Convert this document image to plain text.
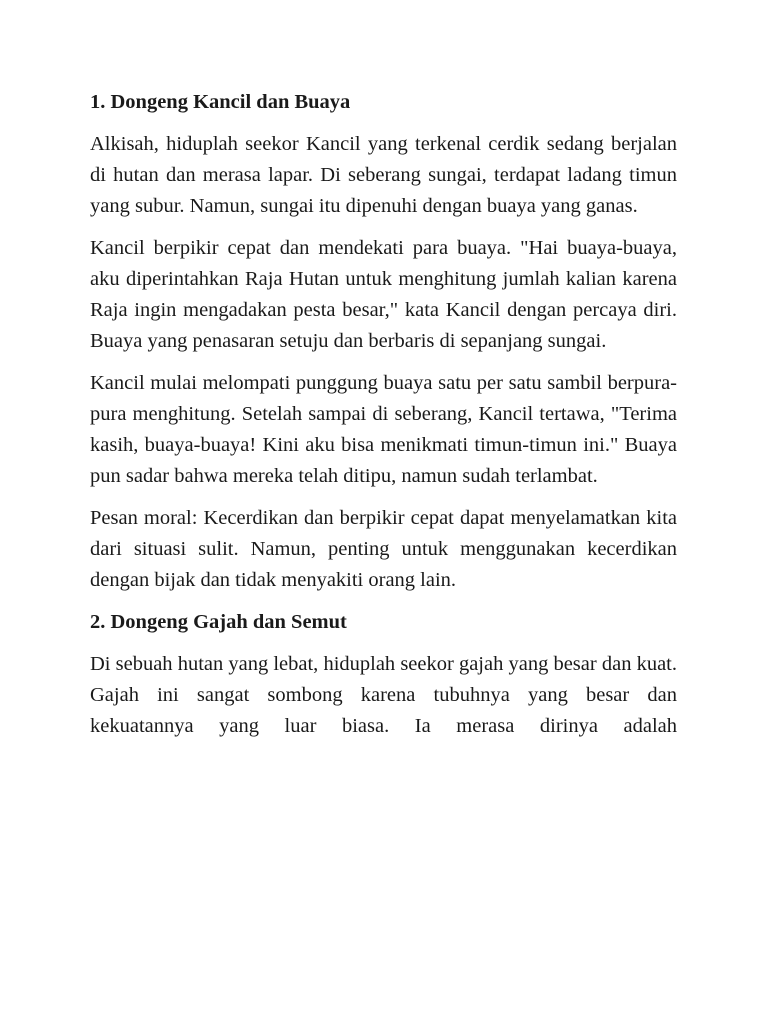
1. Dongeng Kancil dan Buaya

Alkisah, hiduplah seekor Kancil yang terkenal cerdik sedang berjalan di hutan dan merasa lapar. Di seberang sungai, terdapat ladang timun yang subur. Namun, sungai itu dipenuhi dengan buaya yang ganas.

Kancil berpikir cepat dan mendekati para buaya. "Hai buaya-buaya, aku diperintahkan Raja Hutan untuk menghitung jumlah kalian karena Raja ingin mengadakan pesta besar," kata Kancil dengan percaya diri. Buaya yang penasaran setuju dan berbaris di sepanjang sungai.

Kancil mulai melompati punggung buaya satu per satu sambil berpura-pura menghitung. Setelah sampai di seberang, Kancil tertawa, "Terima kasih, buaya-buaya! Kini aku bisa menikmati timun-timun ini." Buaya pun sadar bahwa mereka telah ditipu, namun sudah terlambat.

Pesan moral: Kecerdikan dan berpikir cepat dapat menyelamatkan kita dari situasi sulit. Namun, penting untuk menggunakan kecerdikan dengan bijak dan tidak menyakiti orang lain.

2. Dongeng Gajah dan Semut

Di sebuah hutan yang lebat, hiduplah seekor gajah yang besar dan kuat. Gajah ini sangat sombong karena tubuhnya yang besar dan kekuatannya yang luar biasa. Ia merasa dirinya adalah
